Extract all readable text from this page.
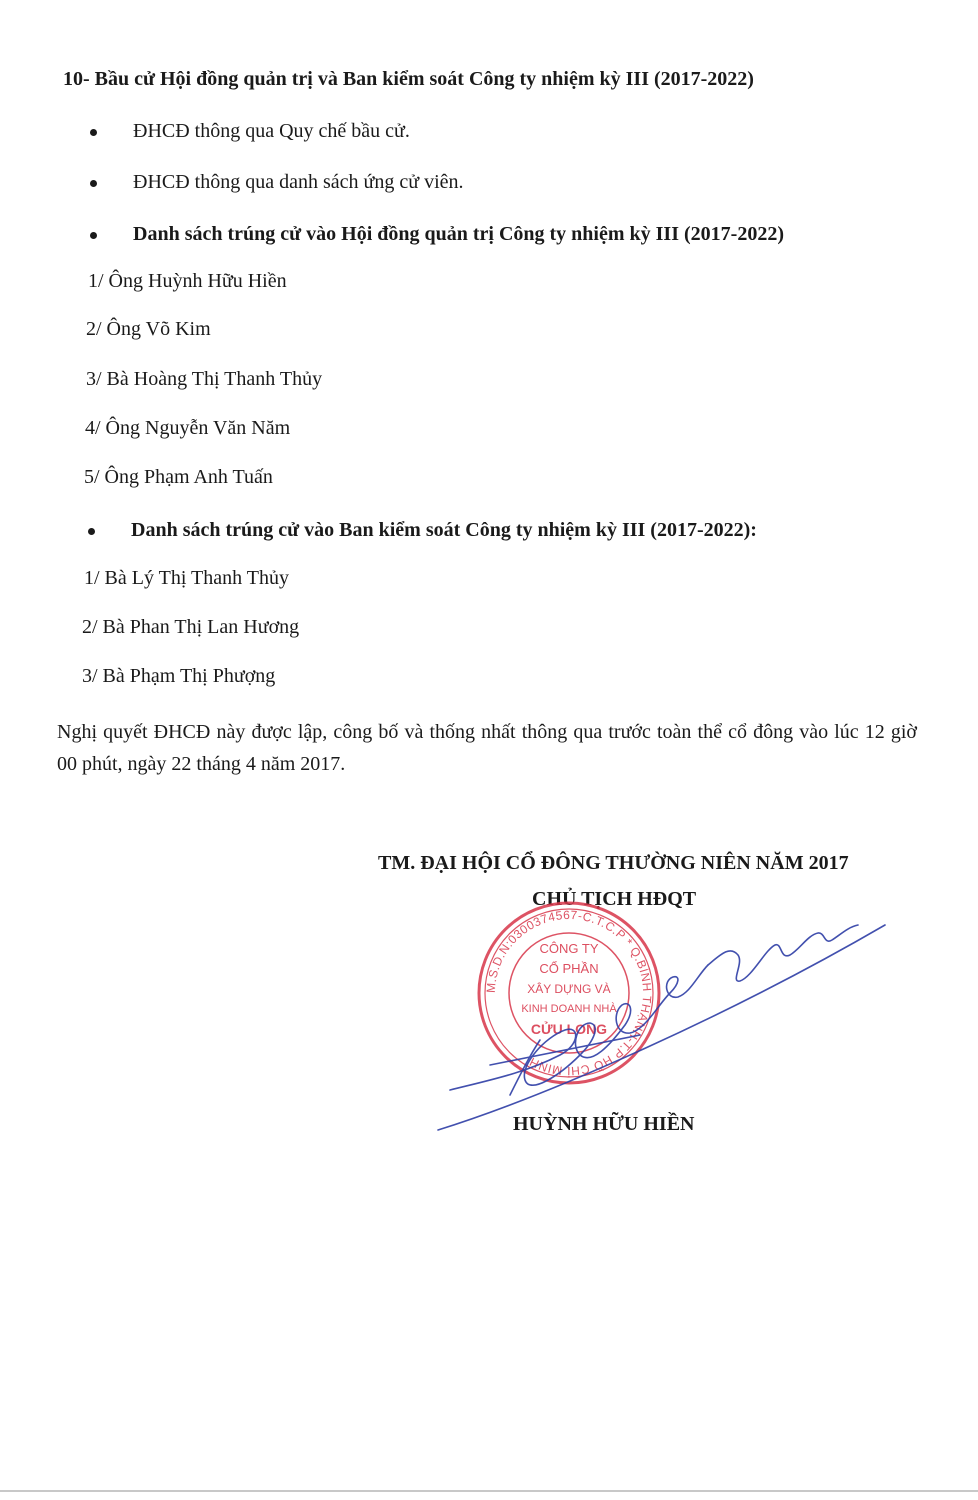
10- Bầu cử Hội đồng quản trị và Ban kiểm soát Công ty nhiệm kỳ III (2017-2022)
ĐHCĐ thông qua Quy chế bầu cử.
ĐHCĐ thông qua danh sách ứng cử viên.
Danh sách trúng cử vào Hội đồng quản trị Công ty nhiệm kỳ III (2017-2022)
1/ Ông Huỳnh Hữu Hiền
2/ Ông Võ Kim
3/ Bà Hoàng Thị Thanh Thủy
4/ Ông Nguyễn Văn Năm
5/ Ông Phạm Anh Tuấn
Danh sách trúng cử vào Ban kiểm soát Công ty nhiệm kỳ III (2017-2022):
1/ Bà Lý Thị Thanh Thủy
2/ Bà Phan Thị Lan Hương
3/ Bà Phạm Thị Phượng
Nghị quyết ĐHCĐ này được lập, công bố và thống nhất thông qua trước toàn thể cổ đông vào lúc 12 giờ 00 phút, ngày 22 tháng 4 năm 2017.
TM. ĐẠI HỘI CỔ ĐÔNG THƯỜNG NIÊN NĂM 2017
CHỦ TỊCH HĐQT
M.S.D.N:0300374567-C.T.C.P * Q.BÌNH THẠNH-T.P HỒ CHÍ MINH
CÔNG TY
CỔ PHẦN
XÂY DỰNG VÀ
KINH DOANH NHÀ
CỬU LONG
HUỲNH HỮU HIỀN
